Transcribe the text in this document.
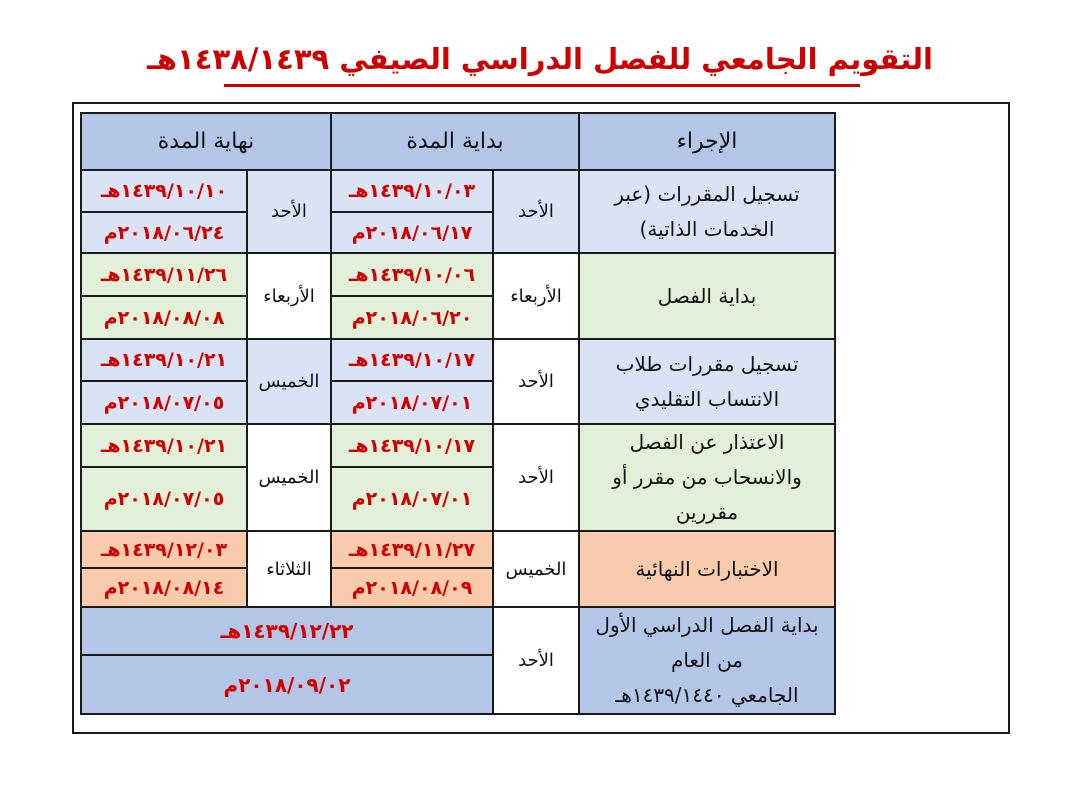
التقويم الجامعي للفصل الدراسي الصيفي ١٤٣٨/١٤٣٩هـ
الإجراء	بداية المدة		نهاية المدة	
تسجيل المقررات (عبر الخدمات الذاتية)	الأحد	١٤٣٩/١٠/٠٣هـ	الأحد	١٤٣٩/١٠/١٠هـ
		٢٠١٨/٠٦/١٧م		٢٠١٨/٠٦/٢٤م
بداية الفصل	الأربعاء	١٤٣٩/١٠/٠٦هـ	الأربعاء	١٤٣٩/١١/٢٦هـ
		٢٠١٨/٠٦/٢٠م		٢٠١٨/٠٨/٠٨م
تسجيل مقررات طلاب الانتساب التقليدي	الأحد	١٤٣٩/١٠/١٧هـ	الخميس	١٤٣٩/١٠/٢١هـ
		٢٠١٨/٠٧/٠١م		٢٠١٨/٠٧/٠٥م

الاعتذار عن الفصل
والانسحاب من مقرر أو مقررين	الأحد	١٤٣٩/١٠/١٧هـ	الخميس	١٤٣٩/١٠/٢١هـ
		٢٠١٨/٠٧/٠١م		٢٠١٨/٠٧/٠٥م
الاختبارات النهائية	الخميس	١٤٣٩/١١/٢٧هـ	الثلاثاء	١٤٣٩/١٢/٠٣هـ
		٢٠١٨/٠٨/٠٩م		٢٠١٨/٠٨/١٤م

بداية الفصل الدراسي الأول من العام
الجامعي ١٤٣٩/١٤٤٠هـ	الأحد	١٤٣٩/١٢/٢٢هـ		
		٢٠١٨/٠٩/٠٢م		
